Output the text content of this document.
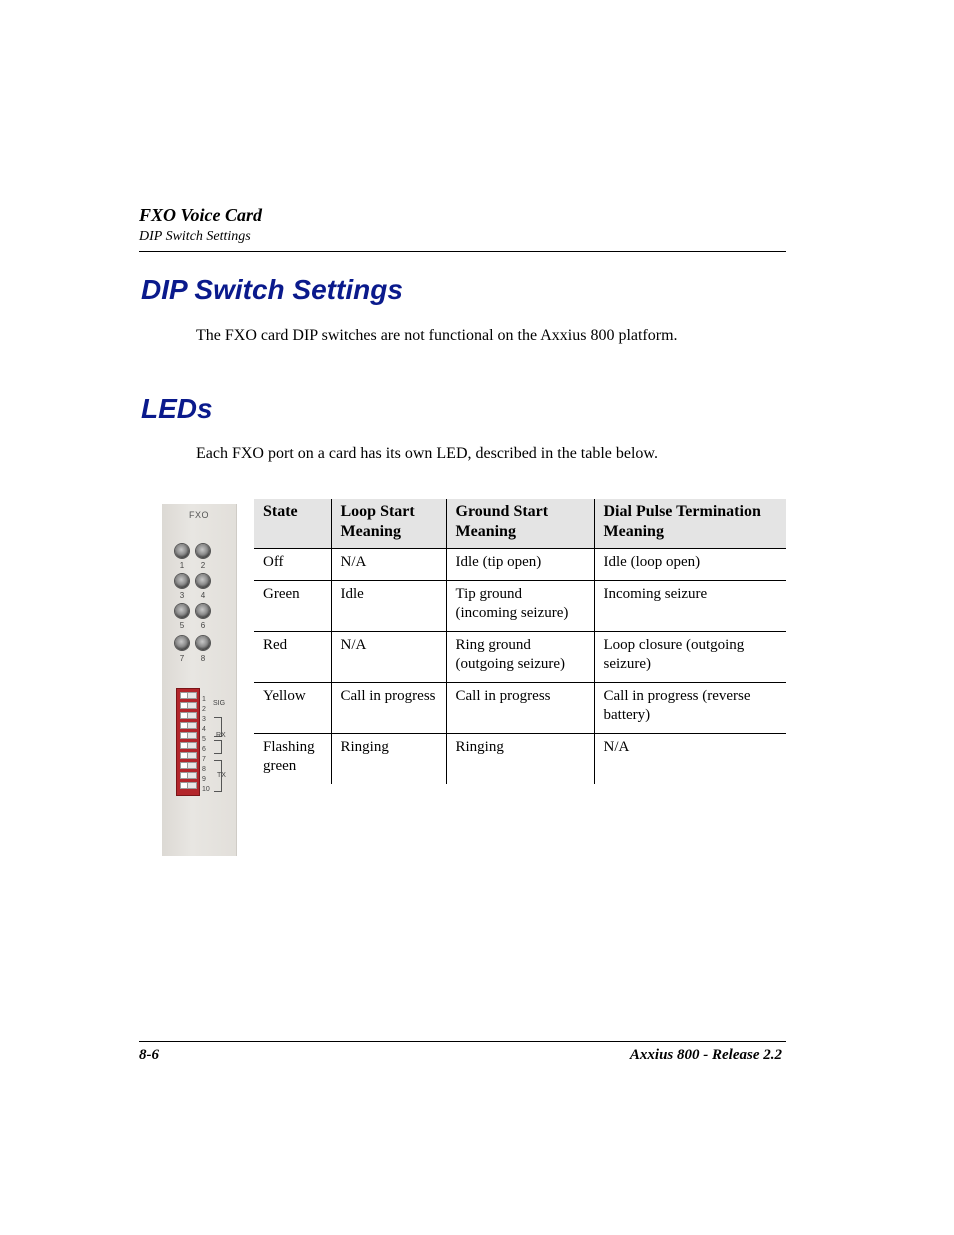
FXO Voice Card
DIP Switch Settings
DIP Switch Settings
The FXO card DIP switches are not functional on the Axxius 800 platform.
LEDs
Each FXO port on a card has its own LED, described in the table below.
FXO
1	2
3	4
5	6
7	8
1
2
3
4
5
6
7
8
9
10
SIG
RX
TX
State	Loop Start Meaning	Ground Start Meaning	Dial Pulse Termination Meaning
Off	N/A	Idle (tip open)	Idle (loop open)
Green	Idle	Tip ground (incoming seizure)	Incoming seizure
Red	N/A	Ring ground (outgoing seizure)	Loop closure (outgoing seizure)
Yellow	Call in progress	Call in progress	Call in progress (reverse battery)
Flashing green	Ringing	Ringing	N/A
8-6	Axxius 800 - Release 2.2
